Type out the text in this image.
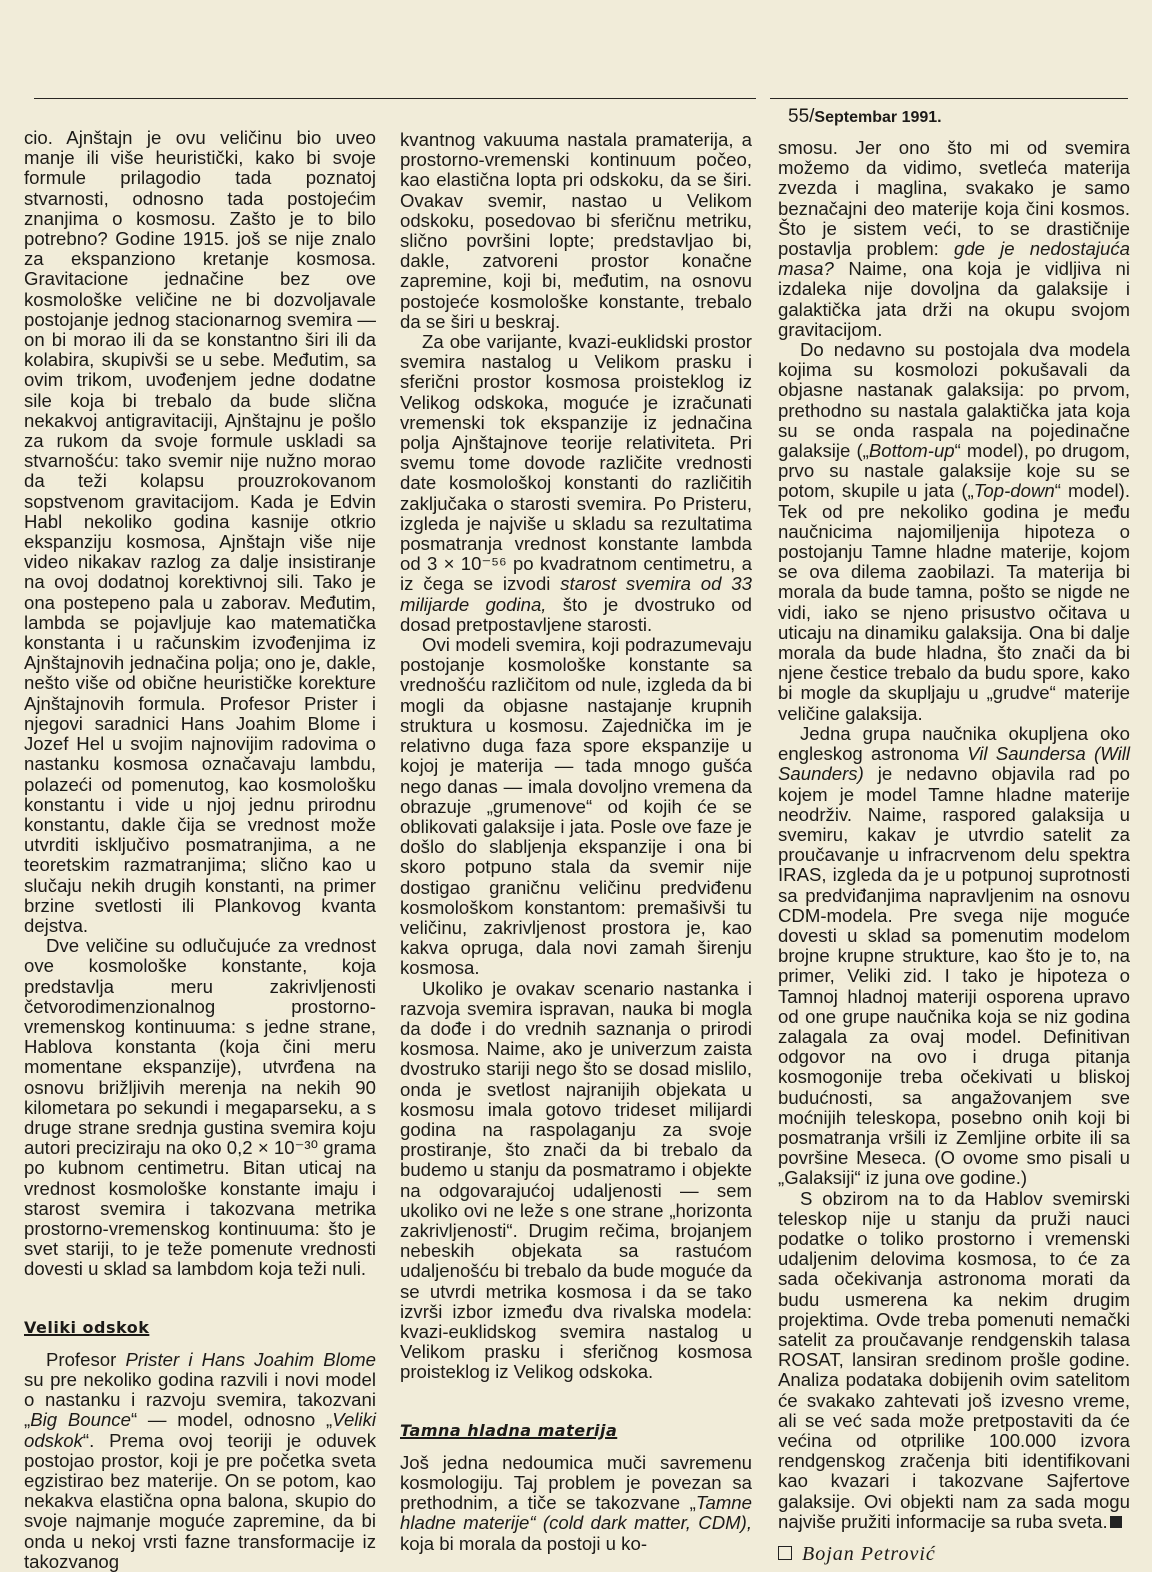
55/Septembar 1991.

cio. Ajnštajn je ovu veličinu bio uveo manje ili više heuristički, kako bi svoje formule prilagodio tada poznatoj stvarnosti, odnosno tada postojećim znanjima o kosmosu. Zašto je to bilo potrebno? Godine 1915. još se nije znalo za ekspanziono kretanje kosmosa. Gravitacione jednačine bez ove kosmološke veličine ne bi dozvoljavale postojanje jednog stacionarnog svemira — on bi morao ili da se konstantno širi ili da kolabira, skupivši se u sebe. Međutim, sa ovim trikom, uvođenjem jedne dodatne sile koja bi trebalo da bude slična nekakvoj antigravitaciji, Ajnštajnu je pošlo za rukom da svoje formule uskladi sa stvarnošću: tako svemir nije nužno morao da teži kolapsu prouzrokovanom sopstvenom gravitacijom. Kada je Edvin Habl nekoliko godina kasnije otkrio ekspanziju kosmosa, Ajnštajn više nije video nikakav razlog za dalje insistiranje na ovoj dodatnoj korektivnoj sili. Tako je ona postepeno pala u zaborav. Međutim, lambda se pojavljuje kao matematička konstanta i u računskim izvođenjima iz Ajnštajnovih jednačina polja; ono je, dakle, nešto više od obične heurističke korekture Ajnštajnovih formula. Profesor Prister i njegovi saradnici Hans Joahim Blome i Jozef Hel u svojim najnovijim radovima o nastanku kosmosa označavaju lambdu, polazeći od pomenutog, kao kosmološku konstantu i vide u njoj jednu prirodnu konstantu, dakle čija se vrednost može utvrditi isključivo posmatranjima, a ne teoretskim razmatranjima; slično kao u slučaju nekih drugih konstanti, na primer brzine svetlosti ili Plankovog kvanta dejstva.

Dve veličine su odlučujuće za vrednost ove kosmološke konstante, koja predstavlja meru zakrivljenosti četvorodimenzionalnog prostorno-vremenskog kontinuuma: s jedne strane, Hablova konstanta (koja čini meru momentane ekspanzije), utvrđena na osnovu brižljivih merenja na nekih 90 kilometara po sekundi i megaparseku, a s druge strane srednja gustina svemira koju autori preciziraju na oko 0,2 × 10⁻³⁰ grama po kubnom centimetru. Bitan uticaj na vrednost kosmološke konstante imaju i starost svemira i takozvana metrika prostorno-vremenskog kontinuuma: što je svet stariji, to je teže pomenute vrednosti dovesti u sklad sa lambdom koja teži nuli.

Veliki odskok

Profesor Prister i Hans Joahim Blome su pre nekoliko godina razvili i novi model o nastanku i razvoju svemira, takozvani „Big Bounce“ — model, odnosno „Veliki odskok“. Prema ovoj teoriji je oduvek postojao prostor, koji je pre početka sveta egzistirao bez materije. On se potom, kao nekakva elastična opna balona, skupio do svoje najmanje moguće zapremine, da bi onda u nekoj vrsti fazne transformacije iz takozvanog

kvantnog vakuuma nastala pramaterija, a prostorno-vremenski kontinuum počeo, kao elastična lopta pri odskoku, da se širi. Ovakav svemir, nastao u Velikom odskoku, posedovao bi sferičnu metriku, slično površini lopte; predstavljao bi, dakle, zatvoreni prostor konačne zapremine, koji bi, međutim, na osnovu postojeće kosmološke konstante, trebalo da se širi u beskraj.

Za obe varijante, kvazi-euklidski prostor svemira nastalog u Velikom prasku i sferični prostor kosmosa proisteklog iz Velikog odskoka, moguće je izračunati vremenski tok ekspanzije iz jednačina polja Ajnštajnove teorije relativiteta. Pri svemu tome dovode različite vrednosti date kosmološkoj konstanti do različitih zaključaka o starosti svemira. Po Pristeru, izgleda je najviše u skladu sa rezultatima posmatranja vrednost konstante lambda od 3 × 10⁻⁵⁶ po kvadratnom centimetru, a iz čega se izvodi starost svemira od 33 milijarde godina, što je dvostruko od dosad pretpostavljene starosti.

Ovi modeli svemira, koji podrazumevaju postojanje kosmološke konstante sa vrednošću različitom od nule, izgleda da bi mogli da objasne nastajanje krupnih struktura u kosmosu. Zajednička im je relativno duga faza spore ekspanzije u kojoj je materija — tada mnogo gušća nego danas — imala dovoljno vremena da obrazuje „grumenove“ od kojih će se oblikovati galaksije i jata. Posle ove faze je došlo do slabljenja ekspanzije i ona bi skoro potpuno stala da svemir nije dostigao graničnu veličinu predviđenu kosmološkom konstantom: premašivši tu veličinu, zakrivljenost prostora je, kao kakva opruga, dala novi zamah širenju kosmosa.

Ukoliko je ovakav scenario nastanka i razvoja svemira ispravan, nauka bi mogla da dođe i do vrednih saznanja o prirodi kosmosa. Naime, ako je univerzum zaista dvostruko stariji nego što se dosad mislilo, onda je svetlost najranijih objekata u kosmosu imala gotovo trideset milijardi godina na raspolaganju za svoje prostiranje, što znači da bi trebalo da budemo u stanju da posmatramo i objekte na odgovarajućoj udaljenosti — sem ukoliko ovi ne leže s one strane „horizonta zakrivljenosti“. Drugim rečima, brojanjem nebeskih objekata sa rastućom udaljenošću bi trebalo da bude moguće da se utvrdi metrika kosmosa i da se tako izvrši izbor između dva rivalska modela: kvazi-euklidskog svemira nastalog u Velikom prasku i sferičnog kosmosa proisteklog iz Velikog odskoka.

Tamna hladna materija

Još jedna nedoumica muči savremenu kosmologiju. Taj problem je povezan sa prethodnim, a tiče se takozvane „Tamne hladne materije“ (cold dark matter, CDM), koja bi morala da postoji u ko-

smosu. Jer ono što mi od svemira možemo da vidimo, svetleća materija zvezda i maglina, svakako je samo beznačajni deo materije koja čini kosmos. Što je sistem veći, to se drastičnije postavlja problem: gde je nedostajuća masa? Naime, ona koja je vidljiva ni izdaleka nije dovoljna da galaksije i galaktička jata drži na okupu svojom gravitacijom.

Do nedavno su postojala dva modela kojima su kosmolozi pokušavali da objasne nastanak galaksija: po prvom, prethodno su nastala galaktička jata koja su se onda raspala na pojedinačne galaksije („Bottom-up“ model), po drugom, prvo su nastale galaksije koje su se potom, skupile u jata („Top-down“ model). Tek od pre nekoliko godina je među naučnicima najomiljenija hipoteza o postojanju Tamne hladne materije, kojom se ova dilema zaobilazi. Ta materija bi morala da bude tamna, pošto se nigde ne vidi, iako se njeno prisustvo očitava u uticaju na dinamiku galaksija. Ona bi dalje morala da bude hladna, što znači da bi njene čestice trebalo da budu spore, kako bi mogle da skupljaju u „grudve“ materije veličine galaksija.

Jedna grupa naučnika okupljena oko engleskog astronoma Vil Saundersa (Will Saunders) je nedavno objavila rad po kojem je model Tamne hladne materije neodrživ. Naime, raspored galaksija u svemiru, kakav je utvrdio satelit za proučavanje u infracrvenom delu spektra IRAS, izgleda da je u potpunoj suprotnosti sa predviđanjima napravljenim na osnovu CDM-modela. Pre svega nije moguće dovesti u sklad sa pomenutim modelom brojne krupne strukture, kao što je to, na primer, Veliki zid. I tako je hipoteza o Tamnoj hladnoj materiji osporena upravo od one grupe naučnika koja se niz godina zalagala za ovaj model. Definitivan odgovor na ovo i druga pitanja kosmogonije treba očekivati u bliskoj budućnosti, sa angažovanjem sve moćnijih teleskopa, posebno onih koji bi posmatranja vršili iz Zemljine orbite ili sa površine Meseca. (O ovome smo pisali u „Galaksiji“ iz juna ove godine.)

S obzirom na to da Hablov svemirski teleskop nije u stanju da pruži nauci podatke o toliko prostorno i vremenski udaljenim delovima kosmosa, to će za sada očekivanja astronoma morati da budu usmerena ka nekim drugim projektima. Ovde treba pomenuti nemački satelit za proučavanje rendgenskih talasa ROSAT, lansiran sredinom prošle godine. Analiza podataka dobijenih ovim satelitom će svakako zahtevati još izvesno vreme, ali se već sada može pretpostaviti da će većina od otprilike 100.000 izvora rendgenskog zračenja biti identifikovani kao kvazari i takozvane Sajfertove galaksije. Ovi objekti nam za sada mogu najviše pružiti informacije sa ruba sveta.

Bojan Petrović
